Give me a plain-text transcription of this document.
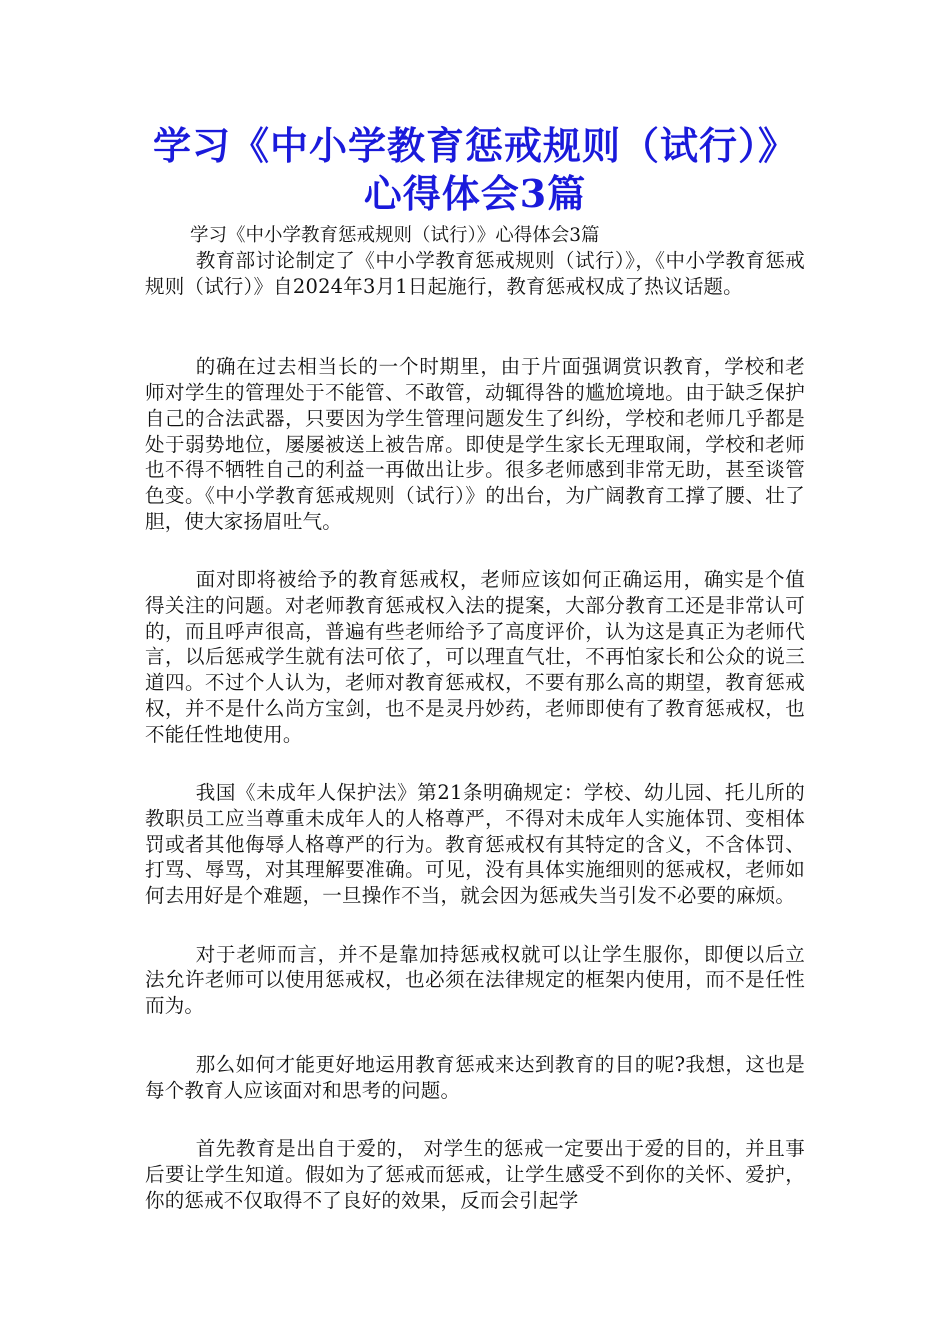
学习《中小学教育惩戒规则（试行）》心得体会3篇

学习《中小学教育惩戒规则（试行）》心得体会3篇

教育部讨论制定了《中小学教育惩戒规则（试行）》，《中小学教育惩戒规则（试行）》自2024年3月1日起施行，教育惩戒权成了热议话题。

的确在过去相当长的一个时期里，由于片面强调赏识教育，学校和老师对学生的管理处于不能管、不敢管，动辄得咎的尴尬境地。由于缺乏保护自己的合法武器，只要因为学生管理问题发生了纠纷，学校和老师几乎都是处于弱势地位，屡屡被送上被告席。即使是学生家长无理取闹，学校和老师也不得不牺牲自己的利益一再做出让步。很多老师感到非常无助，甚至谈管色变。《中小学教育惩戒规则（试行）》的出台，为广阔教育工撑了腰、壮了胆，使大家扬眉吐气。

面对即将被给予的教育惩戒权，老师应该如何正确运用，确实是个值得关注的问题。对老师教育惩戒权入法的提案，大部分教育工还是非常认可的，而且呼声很高，普遍有些老师给予了高度评价，认为这是真正为老师代言，以后惩戒学生就有法可依了，可以理直气壮，不再怕家长和公众的说三道四。不过个人认为，老师对教育惩戒权，不要有那么高的期望，教育惩戒权，并不是什么尚方宝剑，也不是灵丹妙药，老师即使有了教育惩戒权，也不能任性地使用。

我国《未成年人保护法》第21条明确规定：学校、幼儿园、托儿所的教职员工应当尊重未成年人的人格尊严，不得对未成年人实施体罚、变相体罚或者其他侮辱人格尊严的行为。教育惩戒权有其特定的含义，不含体罚、打骂、辱骂，对其理解要准确。可见，没有具体实施细则的惩戒权，老师如何去用好是个难题，一旦操作不当，就会因为惩戒失当引发不必要的麻烦。

对于老师而言，并不是靠加持惩戒权就可以让学生服你，即便以后立法允许老师可以使用惩戒权，也必须在法律规定的框架内使用，而不是任性而为。

那么如何才能更好地运用教育惩戒来达到教育的目的呢?我想，这也是每个教育人应该面对和思考的问题。

首先教育是出自于爱的， 对学生的惩戒一定要出于爱的目的，并且事后要让学生知道。假如为了惩戒而惩戒，让学生感受不到你的关怀、爱护，你的惩戒不仅取得不了良好的效果，反而会引起学
